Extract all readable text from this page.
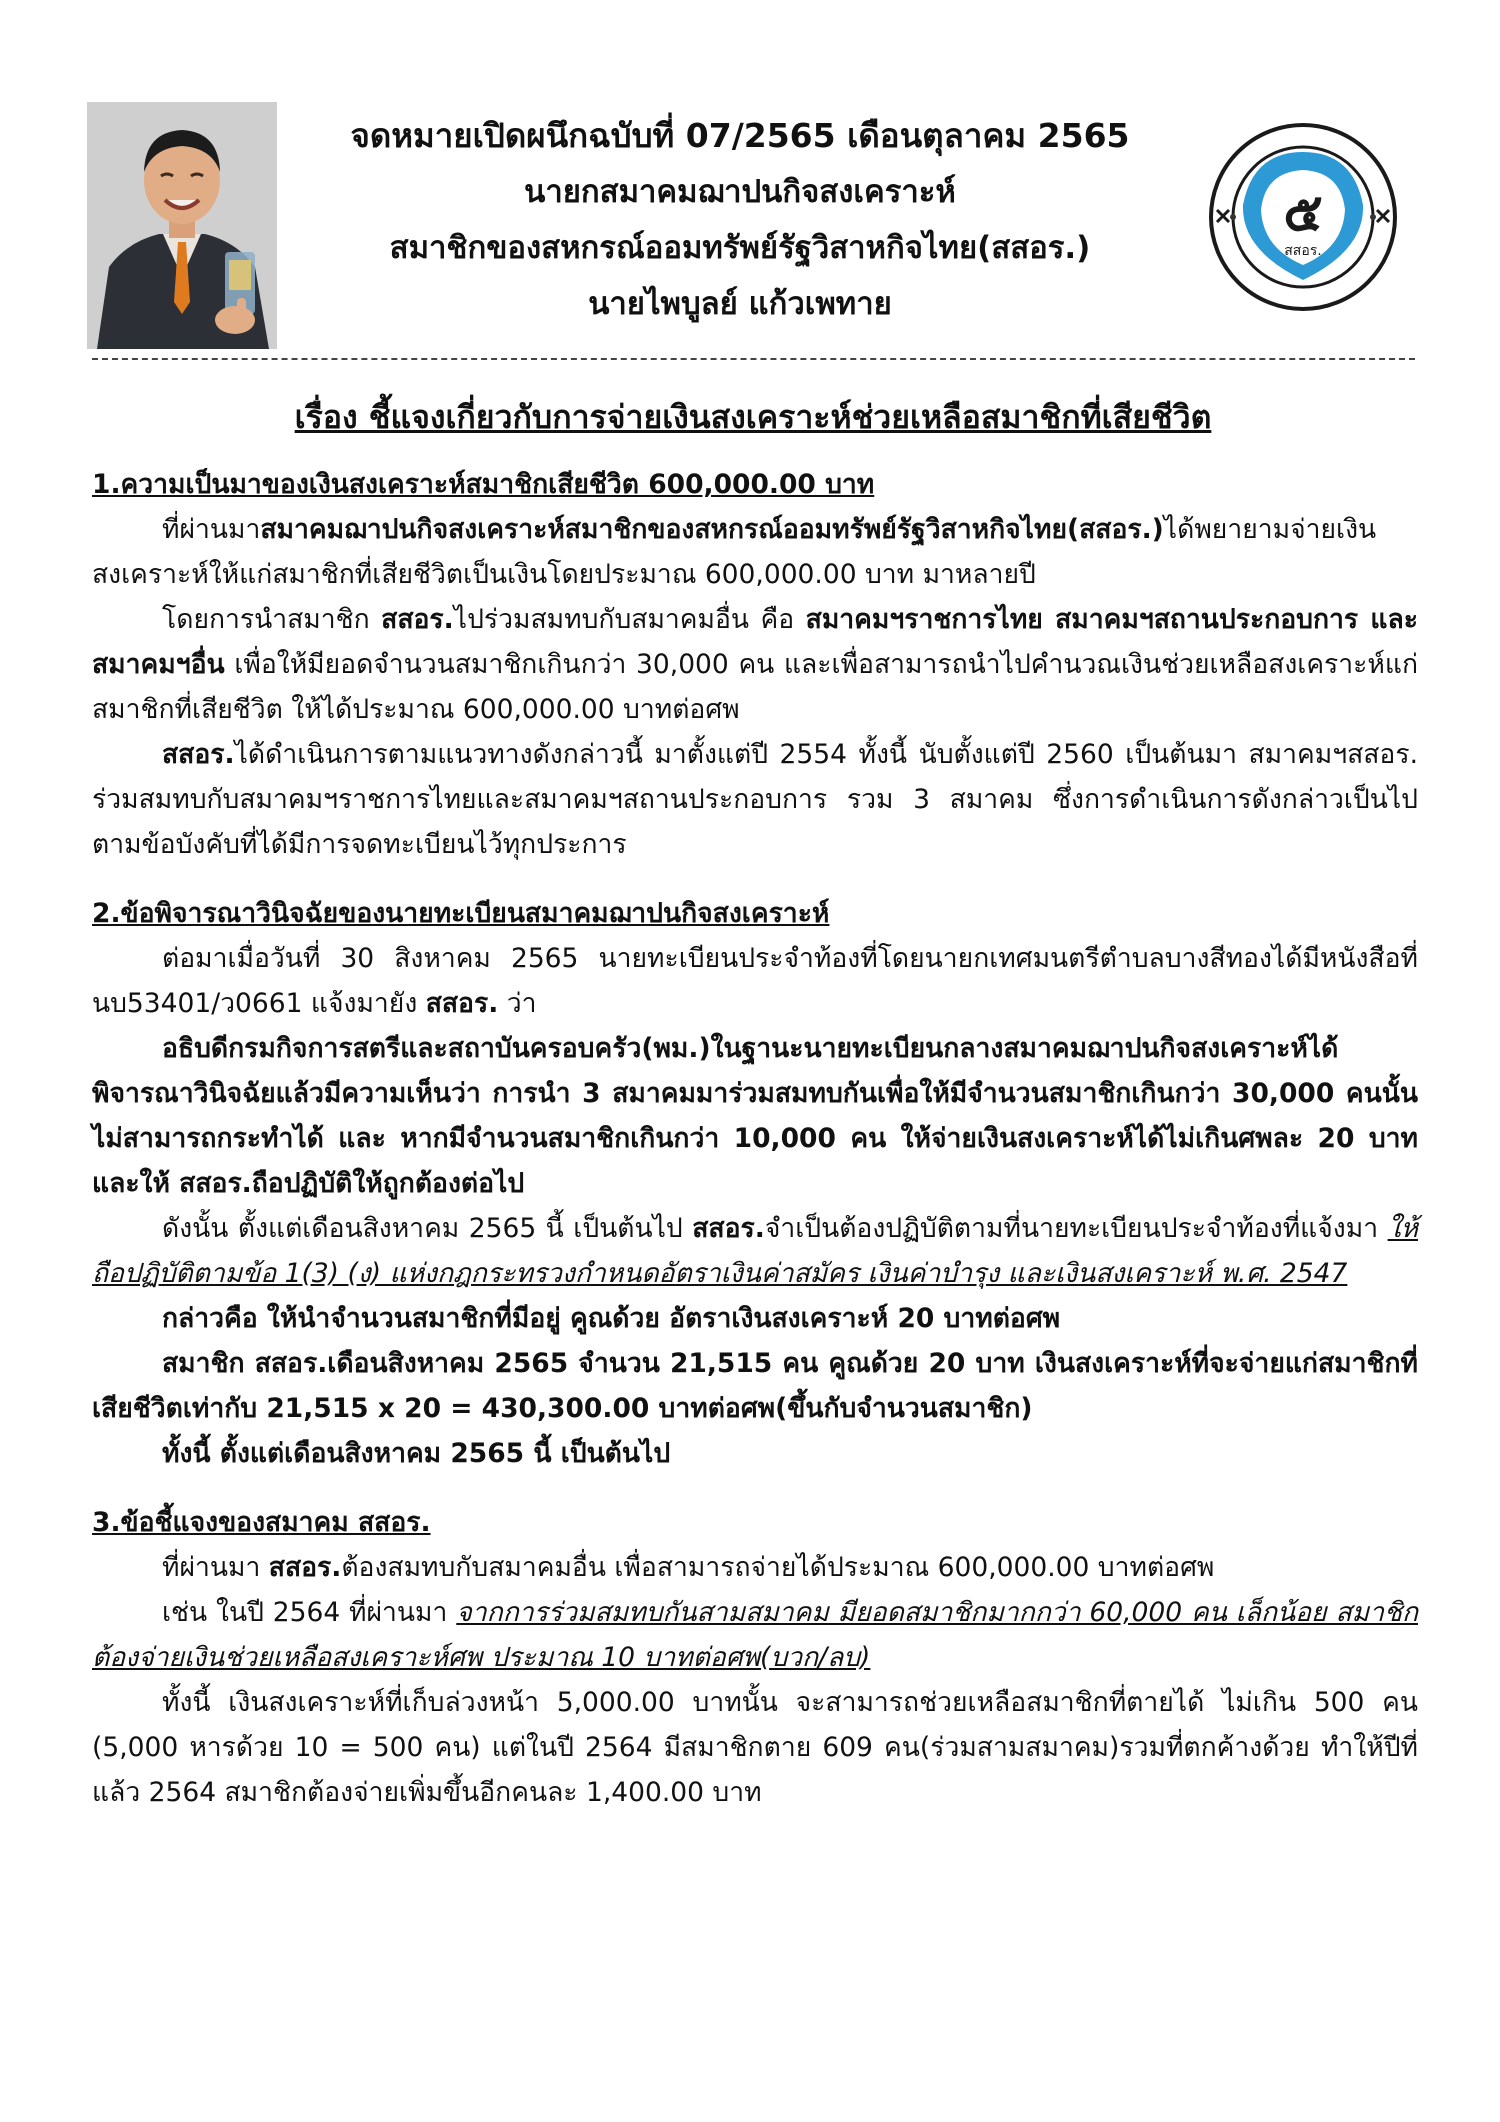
จดหมายเปิดผนึกฉบับที่ 07/2565 เดือนตุลาคม 2565
นายกสมาคมฌาปนกิจสงเคราะห์
สมาชิกของสหกรณ์ออมทรัพย์รัฐวิสาหกิจไทย(สสอร.)
นายไพบูลย์ แก้วเพทาย
๕
สสอร.
เรื่อง ชี้แจงเกี่ยวกับการจ่ายเงินสงเคราะห์ช่วยเหลือสมาชิกที่เสียชีวิต
1.ความเป็นมาของเงินสงเคราะห์สมาชิกเสียชีวิต 600,000.00 บาท
ที่ผ่านมาสมาคมฌาปนกิจสงเคราะห์สมาชิกของสหกรณ์ออมทรัพย์รัฐวิสาหกิจไทย(สสอร.)ได้พยายามจ่ายเงินสงเคราะห์ให้แก่สมาชิกที่เสียชีวิตเป็นเงินโดยประมาณ 600,000.00 บาท มาหลายปี
โดยการนำสมาชิก สสอร.ไปร่วมสมทบกับสมาคมอื่น คือ สมาคมฯราชการไทย สมาคมฯสถานประกอบการ และสมาคมฯอื่น เพื่อให้มียอดจำนวนสมาชิกเกินกว่า 30,000 คน และเพื่อสามารถนำไปคำนวณเงินช่วยเหลือสงเคราะห์แก่สมาชิกที่เสียชีวิต ให้ได้ประมาณ 600,000.00 บาทต่อศพ
สสอร.ได้ดำเนินการตามแนวทางดังกล่าวนี้ มาตั้งแต่ปี 2554 ทั้งนี้ นับตั้งแต่ปี 2560 เป็นต้นมา สมาคมฯสสอร. ร่วมสมทบกับสมาคมฯราชการไทยและสมาคมฯสถานประกอบการ รวม 3 สมาคม ซึ่งการดำเนินการดังกล่าวเป็นไปตามข้อบังคับที่ได้มีการจดทะเบียนไว้ทุกประการ
2.ข้อพิจารณาวินิจฉัยของนายทะเบียนสมาคมฌาปนกิจสงเคราะห์
ต่อมาเมื่อวันที่ 30 สิงหาคม 2565 นายทะเบียนประจำท้องที่โดยนายกเทศมนตรีตำบลบางสีทองได้มีหนังสือที่ นบ53401/ว0661 แจ้งมายัง สสอร. ว่า
อธิบดีกรมกิจการสตรีและสถาบันครอบครัว(พม.)ในฐานะนายทะเบียนกลางสมาคมฌาปนกิจสงเคราะห์ได้พิจารณาวินิจฉัยแล้วมีความเห็นว่า การนำ 3 สมาคมมาร่วมสมทบกันเพื่อให้มีจำนวนสมาชิกเกินกว่า 30,000 คนนั้น ไม่สามารถกระทำได้ และ หากมีจำนวนสมาชิกเกินกว่า 10,000 คน ให้จ่ายเงินสงเคราะห์ได้ไม่เกินศพละ 20 บาท และให้ สสอร.ถือปฏิบัติให้ถูกต้องต่อไป
ดังนั้น ตั้งแต่เดือนสิงหาคม 2565 นี้ เป็นต้นไป สสอร.จำเป็นต้องปฏิบัติตามที่นายทะเบียนประจำท้องที่แจ้งมา ให้ถือปฏิบัติตามข้อ 1(3) (ง) แห่งกฎกระทรวงกำหนดอัตราเงินค่าสมัคร เงินค่าบำรุง และเงินสงเคราะห์ พ.ศ. 2547
กล่าวคือ ให้นำจำนวนสมาชิกที่มีอยู่ คูณด้วย อัตราเงินสงเคราะห์ 20 บาทต่อศพ
สมาชิก สสอร.เดือนสิงหาคม 2565 จำนวน 21,515 คน คูณด้วย 20 บาท เงินสงเคราะห์ที่จะจ่ายแก่สมาชิกที่เสียชีวิตเท่ากับ 21,515 x 20 = 430,300.00 บาทต่อศพ(ขึ้นกับจำนวนสมาชิก)
ทั้งนี้ ตั้งแต่เดือนสิงหาคม 2565 นี้ เป็นต้นไป
3.ข้อชี้แจงของสมาคม สสอร.
ที่ผ่านมา สสอร.ต้องสมทบกับสมาคมอื่น เพื่อสามารถจ่ายได้ประมาณ 600,000.00 บาทต่อศพ
เช่น ในปี 2564 ที่ผ่านมา จากการร่วมสมทบกันสามสมาคม มียอดสมาชิกมากกว่า 60,000 คน เล็กน้อย สมาชิกต้องจ่ายเงินช่วยเหลือสงเคราะห์ศพ ประมาณ 10 บาทต่อศพ(บวก/ลบ)
ทั้งนี้ เงินสงเคราะห์ที่เก็บล่วงหน้า 5,000.00 บาทนั้น จะสามารถช่วยเหลือสมาชิกที่ตายได้ ไม่เกิน 500 คน (5,000 หารด้วย 10 = 500 คน) แต่ในปี 2564 มีสมาชิกตาย 609 คน(ร่วมสามสมาคม)รวมที่ตกค้างด้วย ทำให้ปีที่แล้ว 2564 สมาชิกต้องจ่ายเพิ่มขึ้นอีกคนละ 1,400.00 บาท
